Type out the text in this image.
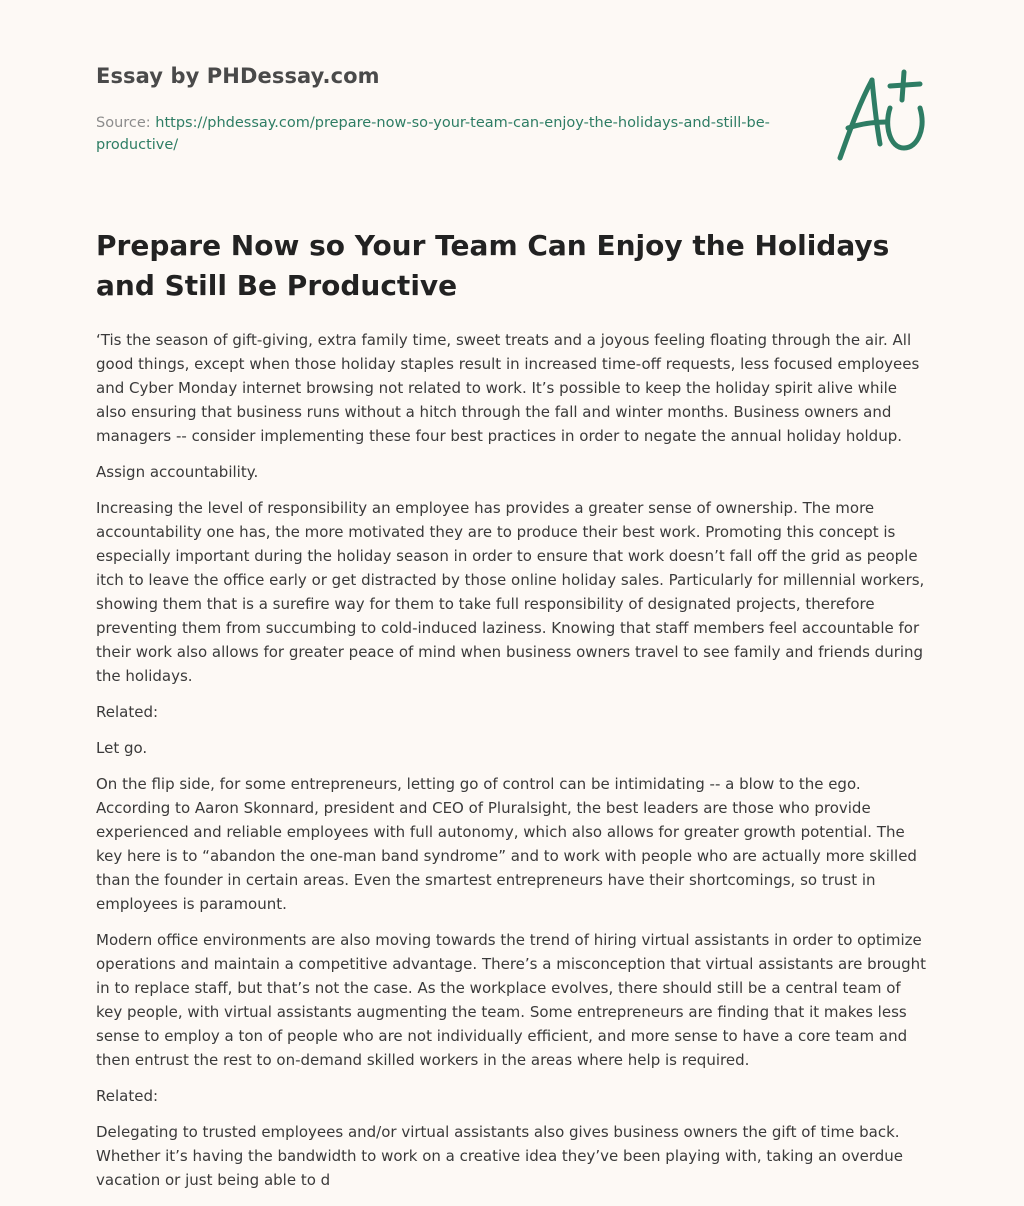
Essay by PHDessay.com
Source: https://phdessay.com/prepare-now-so-your-team-can-enjoy-the-holidays-and-still-be-productive/
Prepare Now so Your Team Can Enjoy the Holidays and Still Be Productive

‘Tis the season of gift-giving, extra family time, sweet treats and a joyous feeling floating through the air. All good things, except when those holiday staples result in increased time-off requests, less focused employees and Cyber Monday internet browsing not related to work. It’s possible to keep the holiday spirit alive while also ensuring that business runs without a hitch through the fall and winter months. Business owners and managers -- consider implementing these four best practices in order to negate the annual holiday holdup.

Assign accountability.

Increasing the level of responsibility an employee has provides a greater sense of ownership. The more accountability one has, the more motivated they are to produce their best work. Promoting this concept is especially important during the holiday season in order to ensure that work doesn’t fall off the grid as people itch to leave the office early or get distracted by those online holiday sales. Particularly for millennial workers, showing them that is a surefire way for them to take full responsibility of designated projects, therefore preventing them from succumbing to cold-induced laziness. Knowing that staff members feel accountable for their work also allows for greater peace of mind when business owners travel to see family and friends during the holidays.

Related:

Let go.

On the flip side, for some entrepreneurs, letting go of control can be intimidating -- a blow to the ego. According to Aaron Skonnard, president and CEO of Pluralsight, the best leaders are those who provide experienced and reliable employees with full autonomy, which also allows for greater growth potential. The key here is to “abandon the one-man band syndrome” and to work with people who are actually more skilled than the founder in certain areas. Even the smartest entrepreneurs have their shortcomings, so trust in employees is paramount.

Modern office environments are also moving towards the trend of hiring virtual assistants in order to optimize operations and maintain a competitive advantage. There’s a misconception that virtual assistants are brought in to replace staff, but that’s not the case. As the workplace evolves, there should still be a central team of key people, with virtual assistants augmenting the team. Some entrepreneurs are finding that it makes less sense to employ a ton of people who are not individually efficient, and more sense to have a core team and then entrust the rest to on-demand skilled workers in the areas where help is required.

Related:

Delegating to trusted employees and/or virtual assistants also gives business owners the gift of time back. Whether it’s having the bandwidth to work on a creative idea they’ve been playing with, taking an overdue vacation or just being able to d
